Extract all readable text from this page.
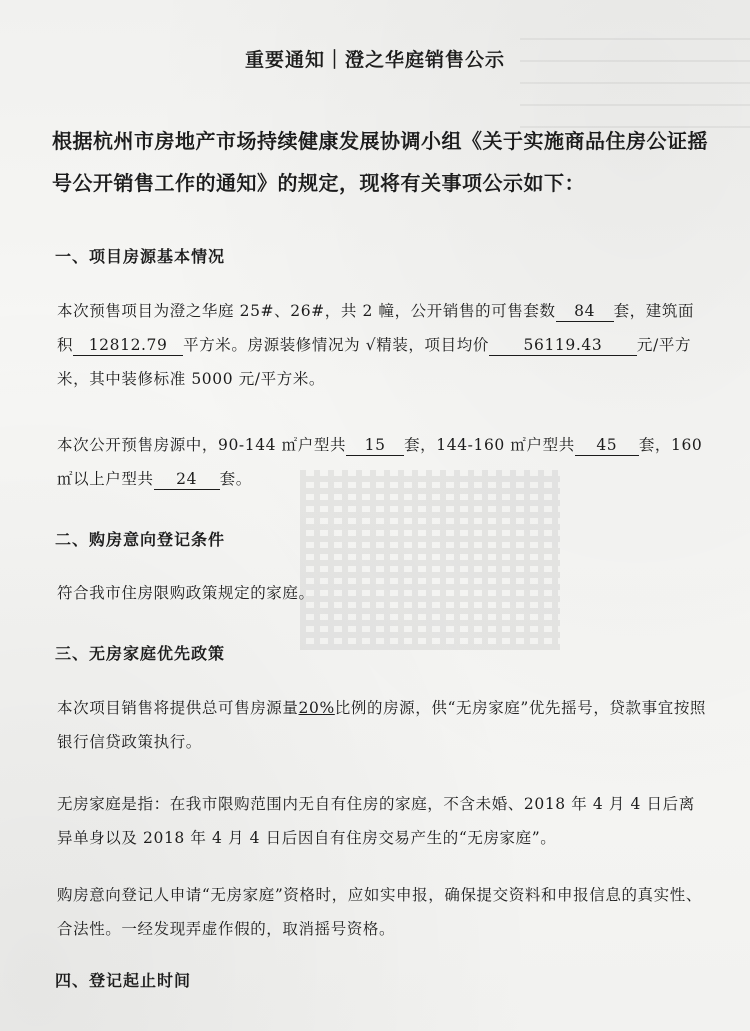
重要通知｜澄之华庭销售公示
根据杭州市房地产市场持续健康发展协调小组《关于实施商品住房公证摇号公开销售工作的通知》的规定，现将有关事项公示如下：
一、项目房源基本情况
本次预售项目为澄之华庭 25#、26#，共 2 幢，公开销售的可售套数 84 套，建筑面积 12812.79 平方米。房源装修情况为 √精装，项目均价 56119.43 元/平方米，其中装修标准 5000 元/平方米。
本次公开预售房源中，90-144 ㎡户型共 15 套，144-160 ㎡户型共 45 套，160 ㎡以上户型共 24 套。
二、购房意向登记条件
符合我市住房限购政策规定的家庭。
三、无房家庭优先政策
本次项目销售将提供总可售房源量20%比例的房源，供“无房家庭”优先摇号，贷款事宜按照银行信贷政策执行。
无房家庭是指：在我市限购范围内无自有住房的家庭，不含未婚、2018 年 4 月 4 日后离异单身以及 2018 年 4 月 4 日后因自有住房交易产生的“无房家庭”。
购房意向登记人申请“无房家庭”资格时，应如实申报，确保提交资料和申报信息的真实性、合法性。一经发现弄虚作假的，取消摇号资格。
四、登记起止时间
